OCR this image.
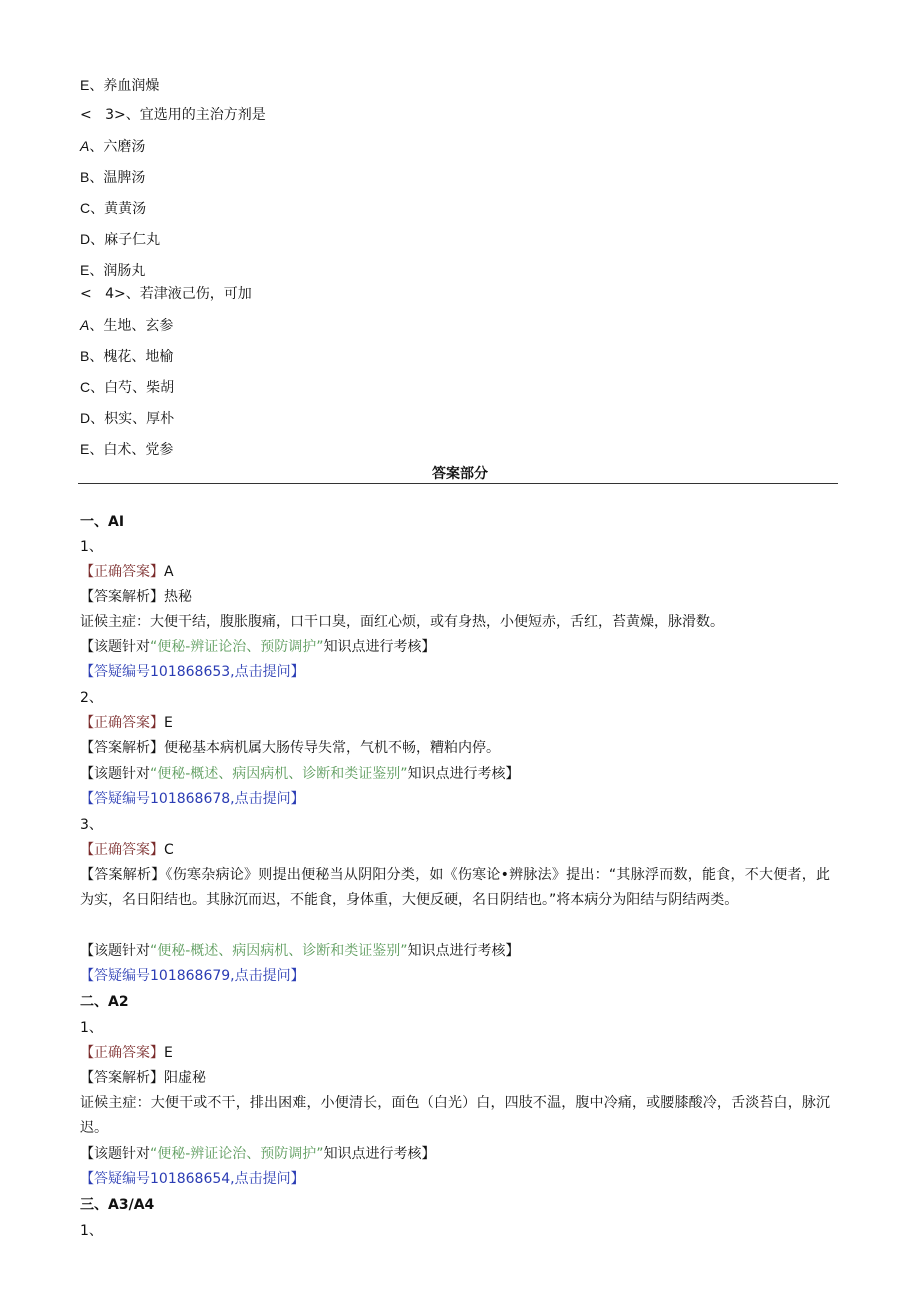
E、养血润燥
<   3>、宜选用的主治方剂是
A、六磨汤
B、温脾汤
C、黄黄汤
D、麻子仁丸
E、润肠丸
<   4>、若津液己伤，可加
A、生地、玄参
B、槐花、地榆
C、白芍、柴胡
D、枳实、厚朴
E、白术、党参
答案部分
一、AI
1、
【正确答案】A
【答案解析】热秘
证候主症：大便干结，腹胀腹痛，口干口臭，面红心烦，或有身热，小便短赤，舌红，苔黄燥，脉滑数。
【该题针对“便秘-辨证论治、预防调护”知识点进行考核】
【答疑编号101868653,点击提问】
2、
【正确答案】E
【答案解析】便秘基本病机属大肠传导失常，气机不畅，糟粕内停。
【该题针对“便秘-概述、病因病机、诊断和类证鉴别”知识点进行考核】
【答疑编号101868678,点击提问】
3、
【正确答案】C
【答案解析】《伤寒杂病论》则提出便秘当从阴阳分类，如《伤寒论•辨脉法》提出：“其脉浮而数，能食，不大便者，此为实，名日阳结也。其脉沉而迟，不能食，身体重，大便反硬，名日阴结也。”将本病分为阳结与阴结两类。
【该题针对“便秘-概述、病因病机、诊断和类证鉴别”知识点进行考核】
【答疑编号101868679,点击提问】
二、A2
1、
【正确答案】E
【答案解析】阳虚秘
证候主症：大便干或不干，排出困难，小便清长，面色（白光）白，四肢不温，腹中冷痛，或腰膝酸冷，舌淡苔白，脉沉迟。
【该题针对“便秘-辨证论治、预防调护”知识点进行考核】
【答疑编号101868654,点击提问】
三、A3/A4
1、
